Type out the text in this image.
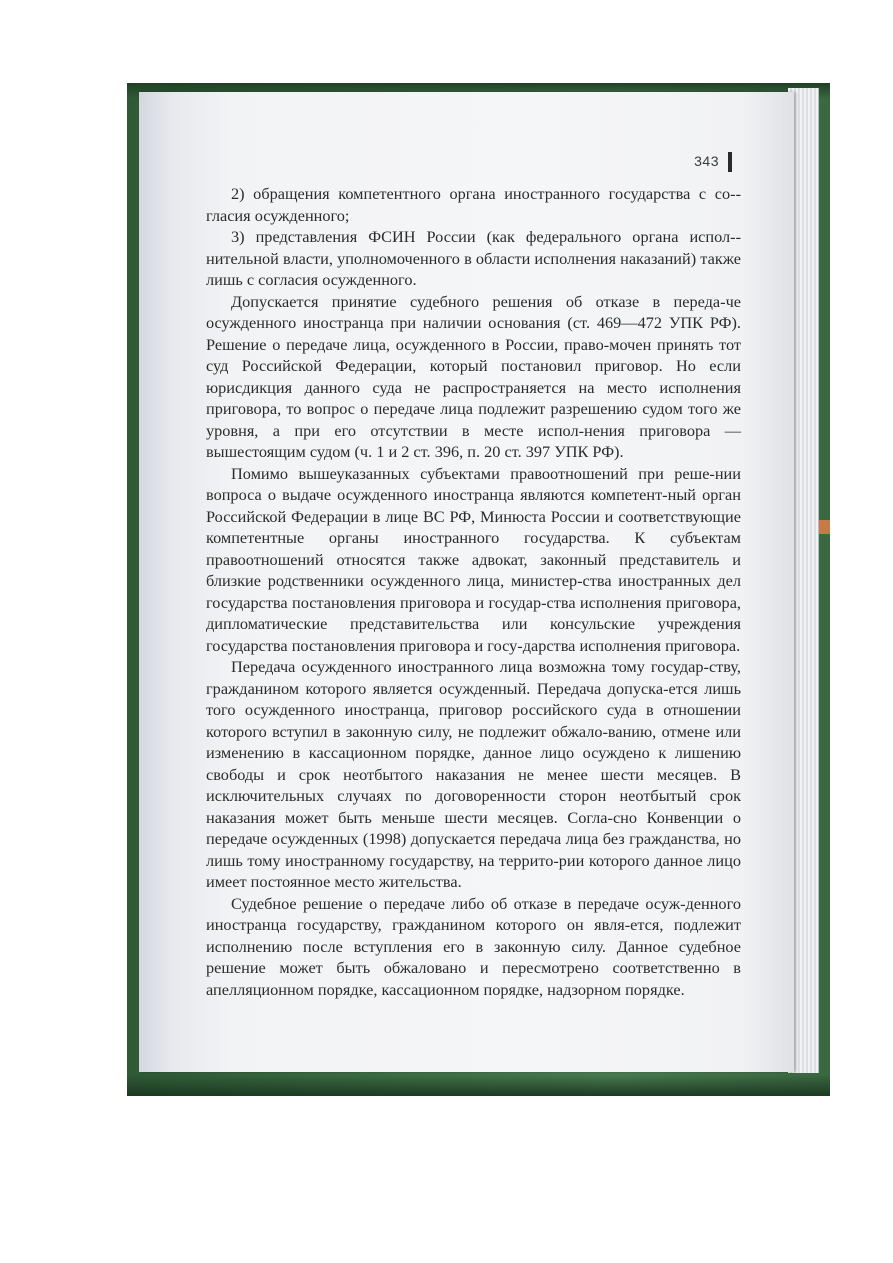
343

2) обращения компетентного органа иностранного государства с со-гласия осужденного;

3) представления ФСИН России (как федерального органа испол-нительной власти, уполномоченного в области исполнения наказаний) также лишь с согласия осужденного.

Допускается принятие судебного решения об отказе в переда-че осужденного иностранца при наличии основания (ст. 469—472 УПК РФ). Решение о передаче лица, осужденного в России, право-мочен принять тот суд Российской Федерации, который постановил приговор. Но если юрисдикция данного суда не распространяется на место исполнения приговора, то вопрос о передаче лица подлежит разрешению судом того же уровня, а при его отсутствии в месте испол-нения приговора — вышестоящим судом (ч. 1 и 2 ст. 396, п. 20 ст. 397 УПК РФ).

Помимо вышеуказанных субъектами правоотношений при реше-нии вопроса о выдаче осужденного иностранца являются компетент-ный орган Российской Федерации в лице ВС РФ, Минюста России и соответствующие компетентные органы иностранного государства. К субъектам правоотношений относятся также адвокат, законный представитель и близкие родственники осужденного лица, министер-ства иностранных дел государства постановления приговора и государ-ства исполнения приговора, дипломатические представительства или консульские учреждения государства постановления приговора и госу-дарства исполнения приговора.

Передача осужденного иностранного лица возможна тому государ-ству, гражданином которого является осужденный. Передача допуска-ется лишь того осужденного иностранца, приговор российского суда в отношении которого вступил в законную силу, не подлежит обжало-ванию, отмене или изменению в кассационном порядке, данное лицо осуждено к лишению свободы и срок неотбытого наказания не менее шести месяцев. В исключительных случаях по договоренности сторон неотбытый срок наказания может быть меньше шести месяцев. Согла-сно Конвенции о передаче осужденных (1998) допускается передача лица без гражданства, но лишь тому иностранному государству, на террито-рии которого данное лицо имеет постоянное место жительства.

Судебное решение о передаче либо об отказе в передаче осуж-денного иностранца государству, гражданином которого он явля-ется, подлежит исполнению после вступления его в законную силу. Данное судебное решение может быть обжаловано и пересмотрено соответственно в апелляционном порядке, кассационном порядке, надзорном порядке.
